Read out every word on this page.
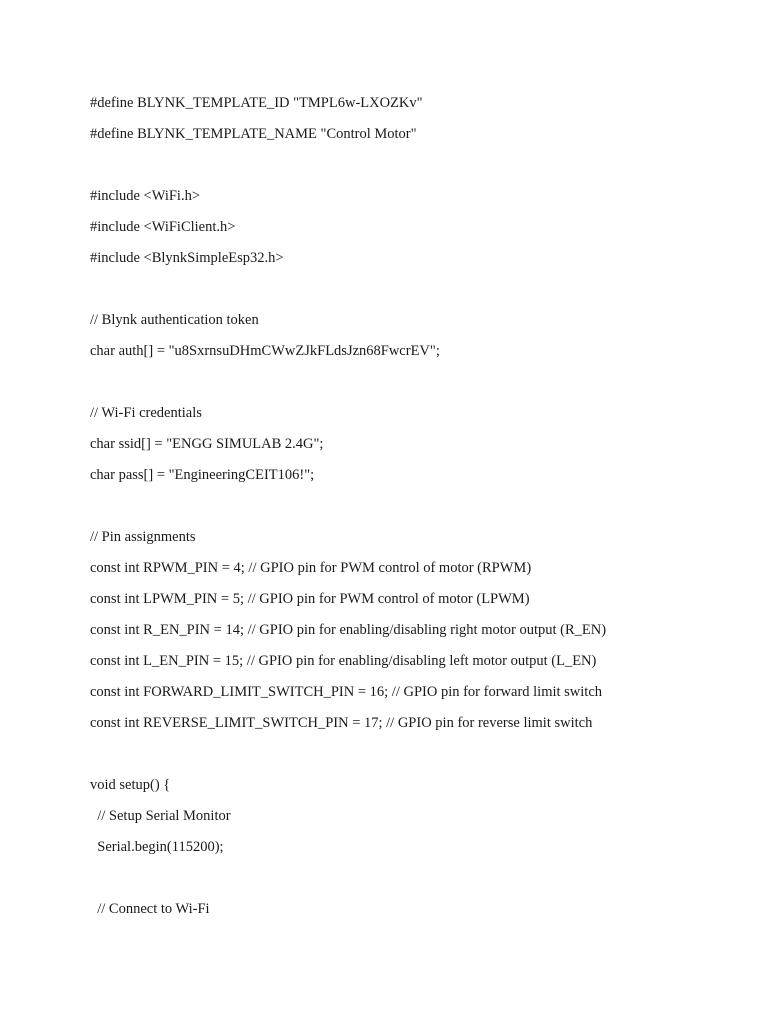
#define BLYNK_TEMPLATE_ID "TMPL6w-LXOZKv"
#define BLYNK_TEMPLATE_NAME "Control Motor"
#include <WiFi.h>
#include <WiFiClient.h>
#include <BlynkSimpleEsp32.h>
// Blynk authentication token
char auth[] = "u8SxrnsuDHmCWwZJkFLdsJzn68FwcrEV";
// Wi-Fi credentials
char ssid[] = "ENGG SIMULAB 2.4G";
char pass[] = "EngineeringCEIT106!";
// Pin assignments
const int RPWM_PIN = 4; // GPIO pin for PWM control of motor (RPWM)
const int LPWM_PIN = 5; // GPIO pin for PWM control of motor (LPWM)
const int R_EN_PIN = 14; // GPIO pin for enabling/disabling right motor output (R_EN)
const int L_EN_PIN = 15; // GPIO pin for enabling/disabling left motor output (L_EN)
const int FORWARD_LIMIT_SWITCH_PIN = 16; // GPIO pin for forward limit switch
const int REVERSE_LIMIT_SWITCH_PIN = 17; // GPIO pin for reverse limit switch
void setup() {
// Setup Serial Monitor
Serial.begin(115200);
// Connect to Wi-Fi
